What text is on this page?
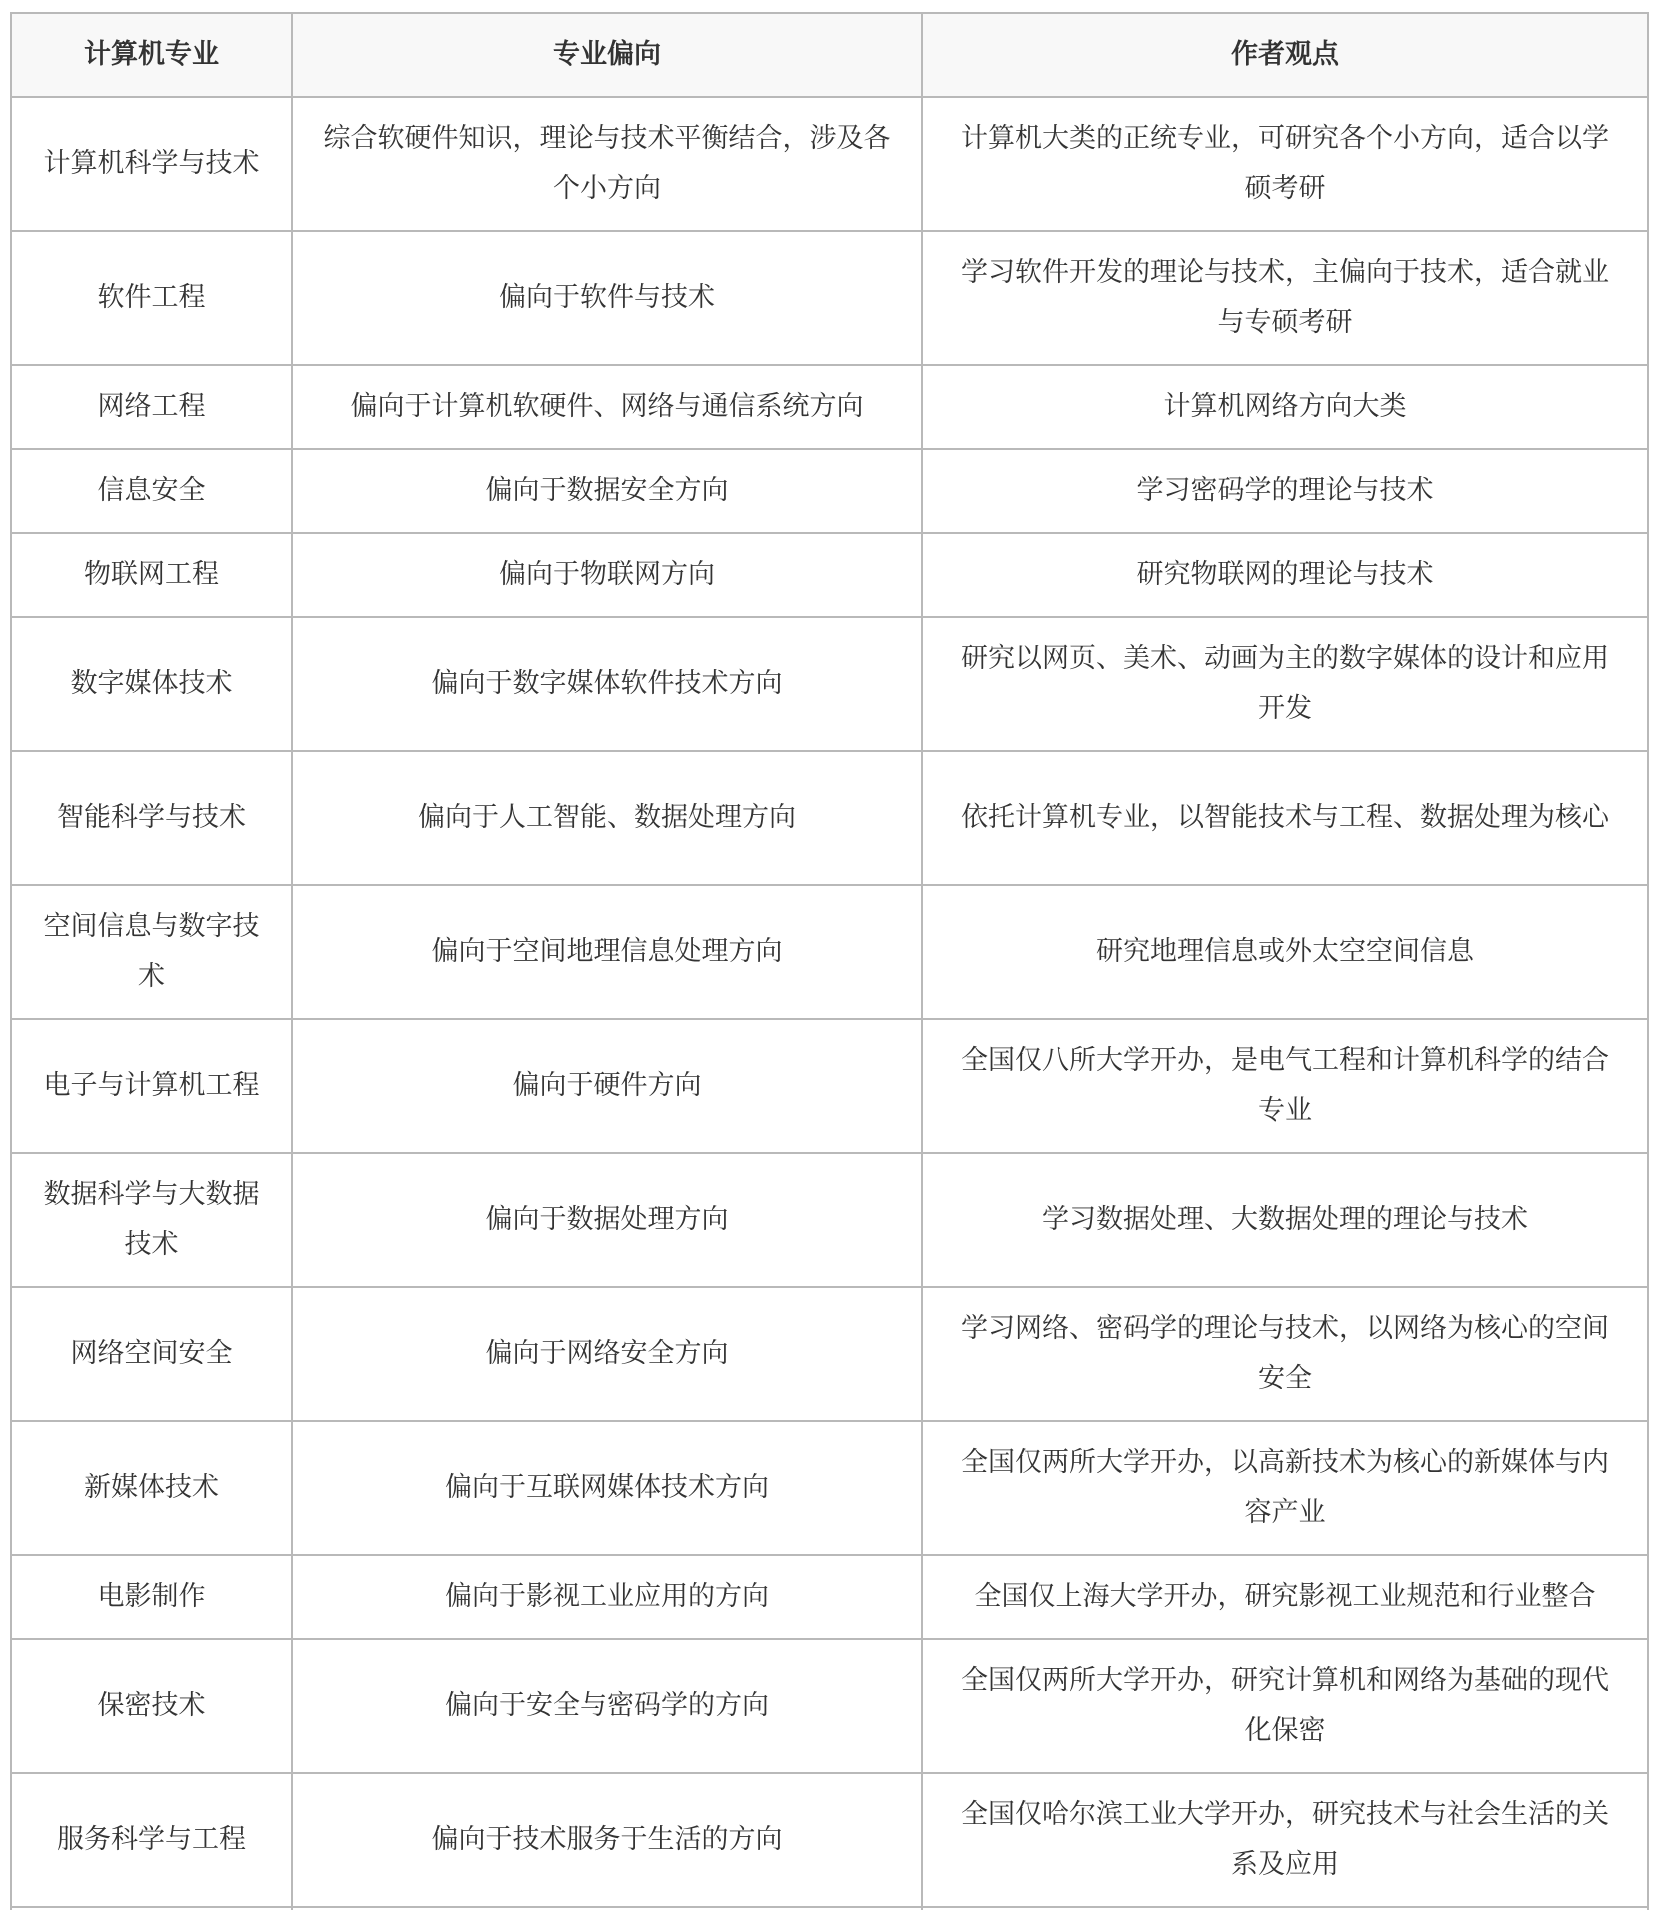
计算机专业	专业偏向	作者观点
计算机科学与技术	综合软硬件知识，理论与技术平衡结合，涉及各个小方向	计算机大类的正统专业，可研究各个小方向，适合以学硕考研
软件工程	偏向于软件与技术	学习软件开发的理论与技术，主偏向于技术，适合就业与专硕考研
网络工程	偏向于计算机软硬件、网络与通信系统方向	计算机网络方向大类
信息安全	偏向于数据安全方向	学习密码学的理论与技术
物联网工程	偏向于物联网方向	研究物联网的理论与技术
数字媒体技术	偏向于数字媒体软件技术方向	研究以网页、美术、动画为主的数字媒体的设计和应用开发
智能科学与技术	偏向于人工智能、数据处理方向	依托计算机专业，以智能技术与工程、数据处理为核心
空间信息与数字技术	偏向于空间地理信息处理方向	研究地理信息或外太空空间信息
电子与计算机工程	偏向于硬件方向	全国仅八所大学开办，是电气工程和计算机科学的结合专业
数据科学与大数据技术	偏向于数据处理方向	学习数据处理、大数据处理的理论与技术
网络空间安全	偏向于网络安全方向	学习网络、密码学的理论与技术，以网络为核心的空间安全
新媒体技术	偏向于互联网媒体技术方向	全国仅两所大学开办，以高新技术为核心的新媒体与内容产业
电影制作	偏向于影视工业应用的方向	全国仅上海大学开办，研究影视工业规范和行业整合
保密技术	偏向于安全与密码学的方向	全国仅两所大学开办，研究计算机和网络为基础的现代化保密
服务科学与工程	偏向于技术服务于生活的方向	全国仅哈尔滨工业大学开办，研究技术与社会生活的关系及应用
